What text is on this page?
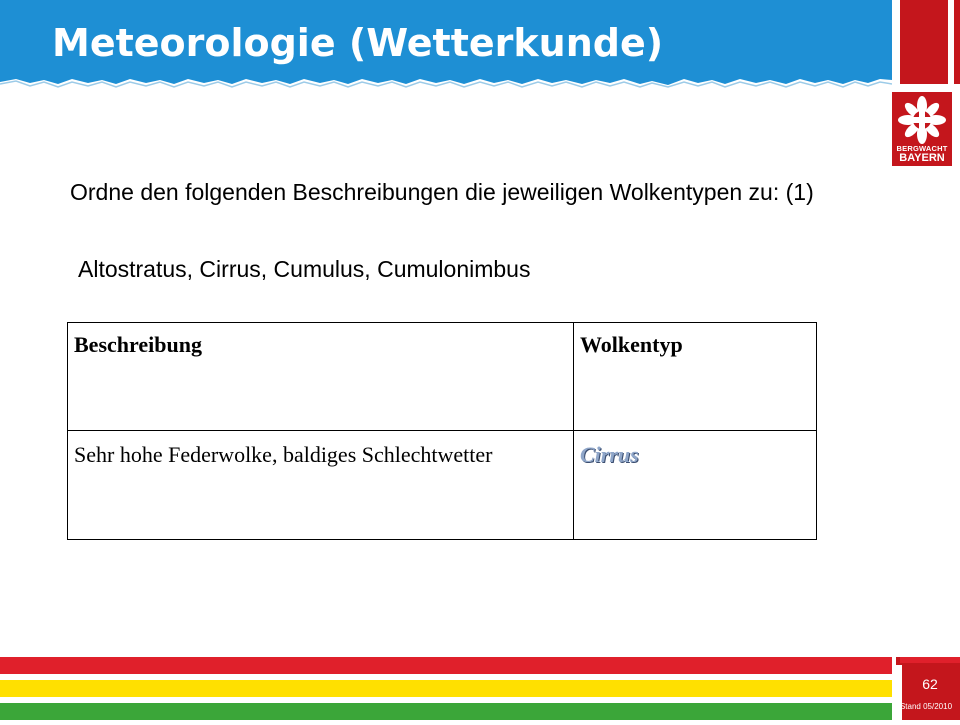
Meteorologie (Wetterkunde)
BERGWACHT
BAYERN

Ordne den folgenden Beschreibungen die jeweiligen Wolkentypen zu: (1)

Altostratus, Cirrus, Cumulus, Cumulonimbus

Beschreibung	Wolkentyp
Sehr hohe Federwolke, baldiges Schlechtwetter	Cirrus
62
Stand 05/2010
